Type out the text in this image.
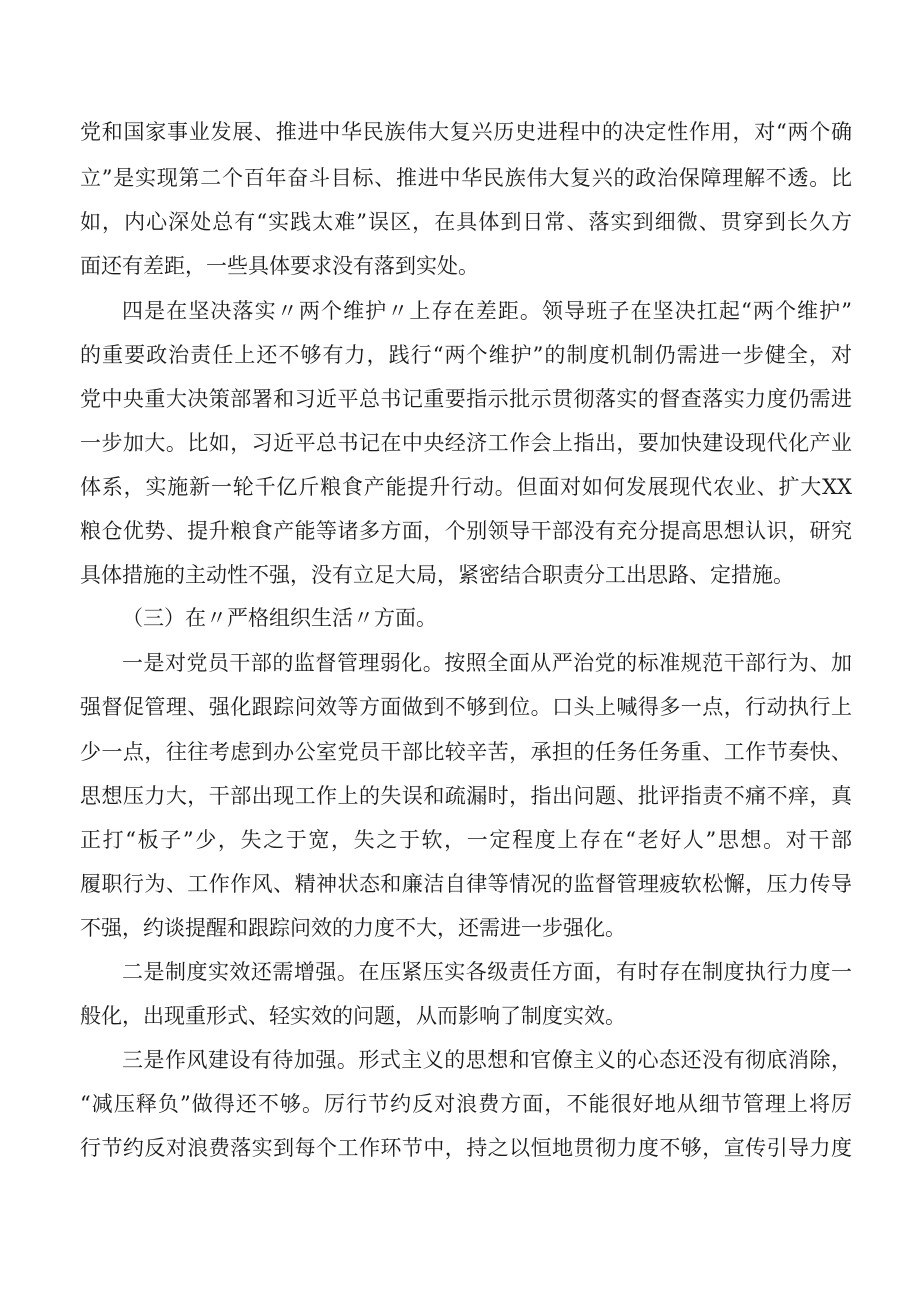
党和国家事业发展、推进中华民族伟大复兴历史进程中的决定性作用，对“两个确
立”是实现第二个百年奋斗目标、推进中华民族伟大复兴的政治保障理解不透。比
如，内心深处总有“实践太难”误区，在具体到日常、落实到细微、贯穿到长久方
面还有差距，一些具体要求没有落到实处。
四是在坚决落实〃两个维护〃上存在差距。领导班子在坚决扛起“两个维护”
的重要政治责任上还不够有力，践行“两个维护”的制度机制仍需进一步健全，对
党中央重大决策部署和习近平总书记重要指示批示贯彻落实的督查落实力度仍需进
一步加大。比如，习近平总书记在中央经济工作会上指出，要加快建设现代化产业
体系，实施新一轮千亿斤粮食产能提升行动。但面对如何发展现代农业、扩大XX
粮仓优势、提升粮食产能等诸多方面，个别领导干部没有充分提高思想认识，研究
具体措施的主动性不强，没有立足大局，紧密结合职责分工出思路、定措施。
（三）在〃严格组织生活〃方面。
一是对党员干部的监督管理弱化。按照全面从严治党的标准规范干部行为、加
强督促管理、强化跟踪问效等方面做到不够到位。口头上喊得多一点，行动执行上
少一点，往往考虑到办公室党员干部比较辛苦，承担的任务任务重、工作节奏快、
思想压力大，干部出现工作上的失误和疏漏时，指出问题、批评指责不痛不痒，真
正打“板子”少，失之于宽，失之于软，一定程度上存在“老好人”思想。对干部
履职行为、工作作风、精神状态和廉洁自律等情况的监督管理疲软松懈，压力传导
不强，约谈提醒和跟踪问效的力度不大，还需进一步强化。
二是制度实效还需增强。在压紧压实各级责任方面，有时存在制度执行力度一
般化，出现重形式、轻实效的问题，从而影响了制度实效。
三是作风建设有待加强。形式主义的思想和官僚主义的心态还没有彻底消除，
“减压释负”做得还不够。厉行节约反对浪费方面，不能很好地从细节管理上将厉
行节约反对浪费落实到每个工作环节中，持之以恒地贯彻力度不够，宣传引导力度
